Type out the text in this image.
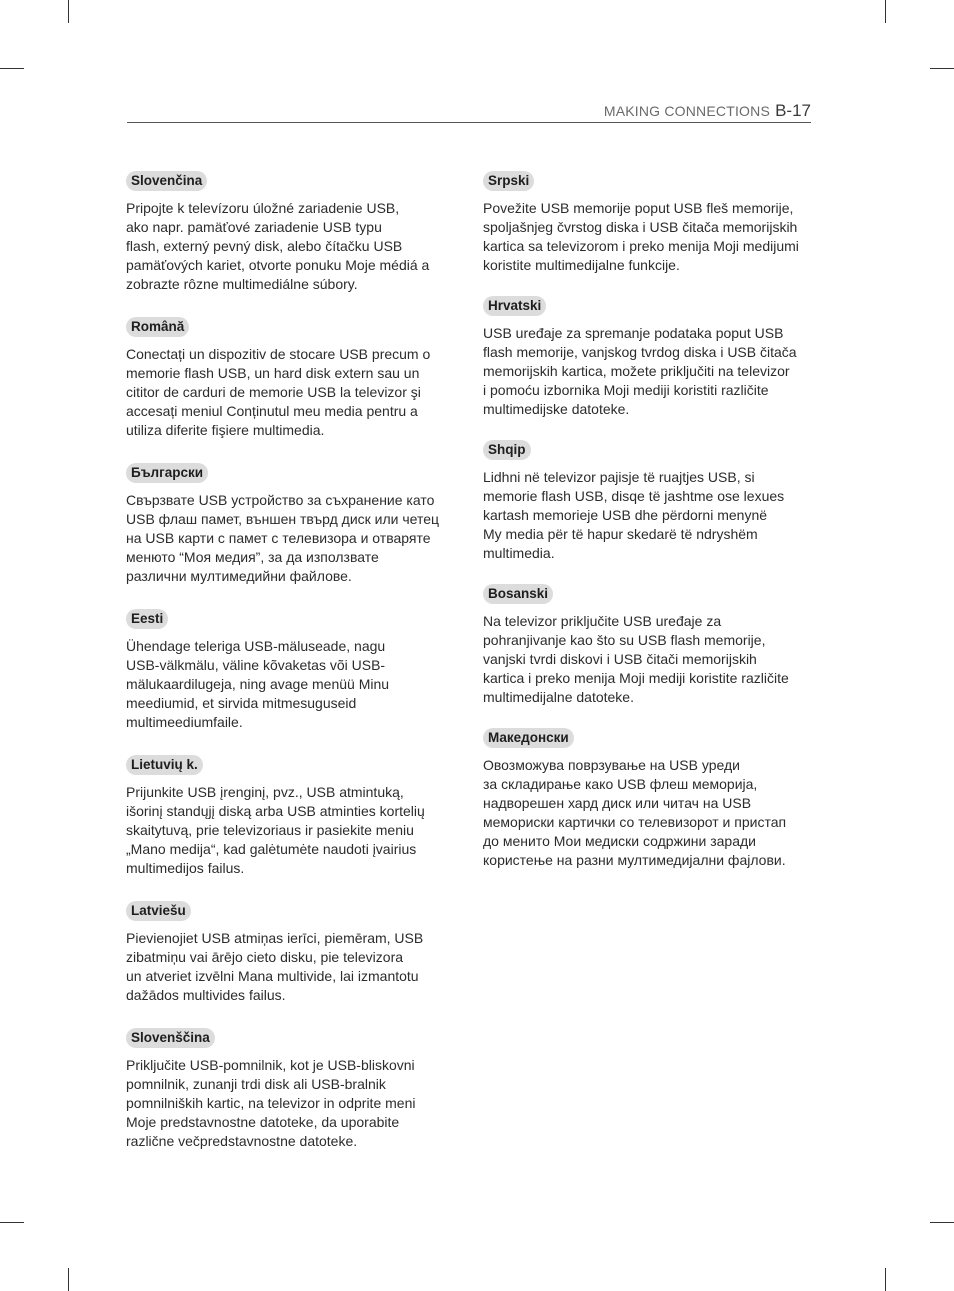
MAKING CONNECTIONS B-17
Slovenčina

Pripojte k televízoru úložné zariadenie USB,
ako napr. pamäťové zariadenie USB typu
flash, externý pevný disk, alebo čítačku USB
pamäťových kariet, otvorte ponuku Moje médiá a
zobrazte rôzne multimediálne súbory.

Română

Conectați un dispozitiv de stocare USB precum o
memorie flash USB, un hard disk extern sau un
cititor de carduri de memorie USB la televizor şi
accesați meniul Conținutul meu media pentru a
utiliza diferite fişiere multimedia.

Български

Свързвате USB устройство за съхранение като
USB флаш памет, външен твърд диск или четец
на USB карти с памет с телевизора и отваряте
менюто “Моя медия”, за да използвате
различни мултимедийни файлове.

Eesti

Ühendage teleriga USB-mäluseade, nagu
USB-välkmälu, väline kõvaketas või USB-
mälukaardilugeja, ning avage menüü Minu
meediumid, et sirvida mitmesuguseid
multimeediumfaile.

Lietuvių k.

Prijunkite USB įrenginį, pvz., USB atmintuką,
išorinį standųjį diską arba USB atminties kortelių
skaitytuvą, prie televizoriaus ir pasiekite meniu
„Mano medija“, kad galėtumėte naudoti įvairius
multimedijos failus.

Latviešu

Pievienojiet USB atmiņas ierīci, piemēram, USB
zibatmiņu vai ārējo cieto disku, pie televizora
un atveriet izvēlni Mana multivide, lai izmantotu
dažādos multivides failus.

Slovenščina

Priključite USB-pomnilnik, kot je USB-bliskovni
pomnilnik, zunanji trdi disk ali USB-bralnik
pomnilniških kartic, na televizor in odprite meni
Moje predstavnostne datoteke, da uporabite
različne večpredstavnostne datoteke.

Srpski

Povežite USB memorije poput USB fleš memorije,
spoljašnjeg čvrstog diska i USB čitača memorijskih
kartica sa televizorom i preko menija Moji medijumi
koristite multimedijalne funkcije.

Hrvatski

USB uređaje za spremanje podataka poput USB
flash memorije, vanjskog tvrdog diska i USB čitača
memorijskih kartica, možete priključiti na televizor
i pomoću izbornika Moji mediji koristiti različite
multimedijske datoteke.

Shqip

Lidhni në televizor pajisje të ruajtjes USB, si
memorie flash USB, disqe të jashtme ose lexues
kartash memorieje USB dhe përdorni menynë
My media për të hapur skedarë të ndryshëm
multimedia.

Bosanski

Na televizor priključite USB uređaje za
pohranjivanje kao što su USB flash memorije,
vanjski tvrdi diskovi i USB čitači memorijskih
kartica i preko menija Moji mediji koristite različite
multimedijalne datoteke.

Македонски

Овозможува поврзување на USB уреди
за складирање како USB флеш меморија,
надворешен хард диск или читач на USB
мемориски картички со телевизорот и пристап
до менито Мои медиски содржини заради
користење на разни мултимедијални фајлови.
